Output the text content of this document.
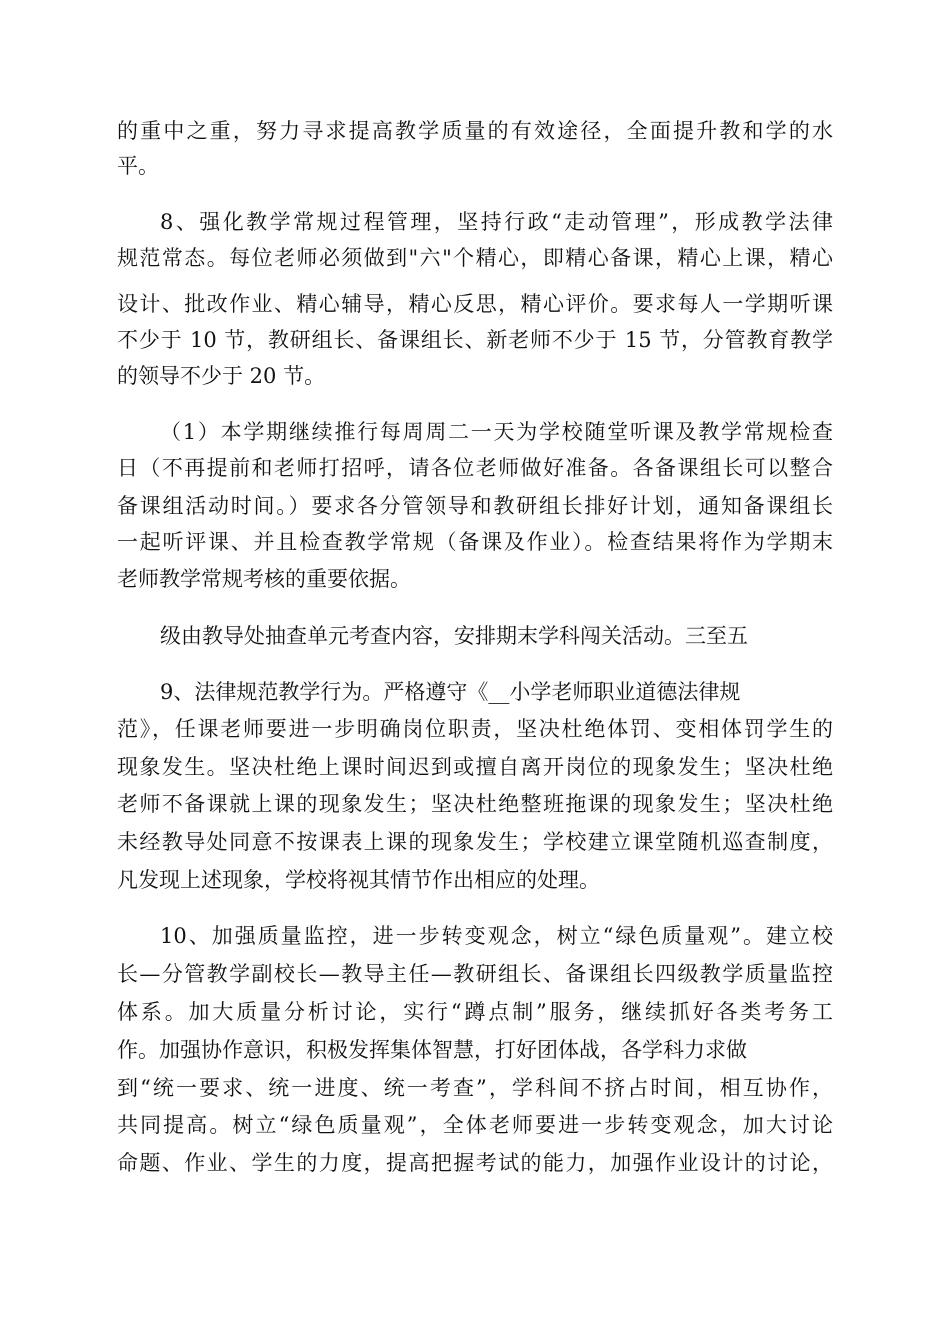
的重中之重，努力寻求提高教学质量的有效途径，全面提升教和学的水
平。
8、强化教学常规过程管理，坚持行政“走动管理”，形成教学法律
规范常态。每位老师必须做到"六"个精心，即精心备课，精心上课，精心
设计、批改作业、精心辅导，精心反思，精心评价。要求每人一学期听课
不少于 10 节，教研组长、备课组长、新老师不少于 15 节，分管教育教学
的领导不少于 20 节。
（1）本学期继续推行每周周二一天为学校随堂听课及教学常规检查
日（不再提前和老师打招呼，请各位老师做好准备。各备课组长可以整合
备课组活动时间。）要求各分管领导和教研组长排好计划，通知备课组长
一起听评课、并且检查教学常规（备课及作业）。检查结果将作为学期末
老师教学常规考核的重要依据。
级由教导处抽查单元考查内容，安排期末学科闯关活动。三至五
9、法律规范教学行为。严格遵守《__小学老师职业道德法律规
范》，任课老师要进一步明确岗位职责，坚决杜绝体罚、变相体罚学生的
现象发生。坚决杜绝上课时间迟到或擅自离开岗位的现象发生；坚决杜绝
老师不备课就上课的现象发生；坚决杜绝整班拖课的现象发生；坚决杜绝
未经教导处同意不按课表上课的现象发生；学校建立课堂随机巡查制度，
凡发现上述现象，学校将视其情节作出相应的处理。
10、加强质量监控，进一步转变观念，树立“绿色质量观”。建立校
长—分管教学副校长—教导主任—教研组长、备课组长四级教学质量监控
体系。加大质量分析讨论，实行“蹲点制”服务，继续抓好各类考务工
作。加强协作意识，积极发挥集体智慧，打好团体战，各学科力求做
到“统一要求、统一进度、统一考查”，学科间不挤占时间，相互协作，
共同提高。树立“绿色质量观”，全体老师要进一步转变观念，加大讨论
命题、作业、学生的力度，提高把握考试的能力，加强作业设计的讨论，
